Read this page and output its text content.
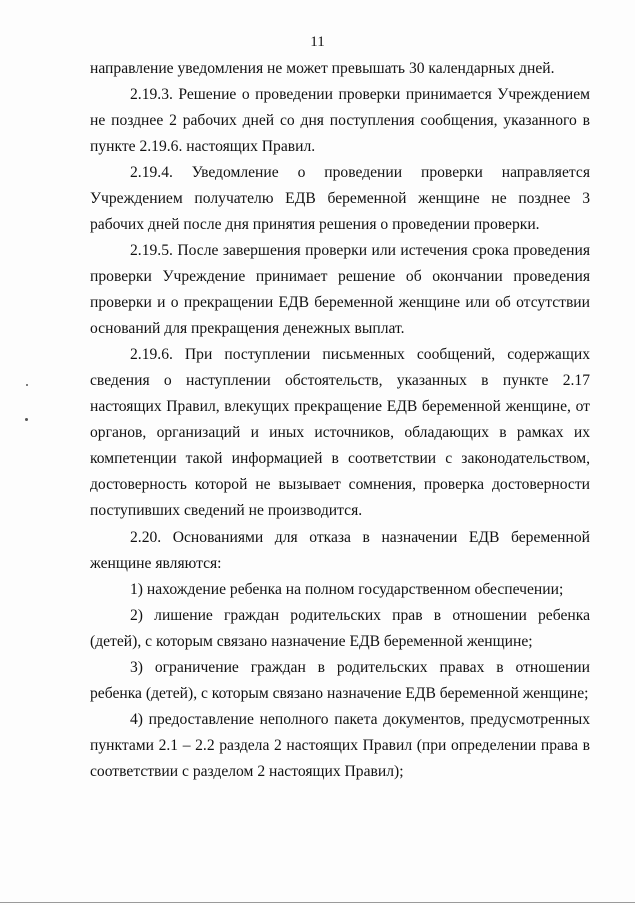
11

направление уведомления не может превышать 30 календарных дней.

2.19.3. Решение о проведении проверки принимается Учреждением не позднее 2 рабочих дней со дня поступления сообщения, указанного в пункте 2.19.6. настоящих Правил.

2.19.4. Уведомление о проведении проверки направляется Учреждением получателю ЕДВ беременной женщине не позднее 3 рабочих дней после дня принятия решения о проведении проверки.

2.19.5. После завершения проверки или истечения срока проведения проверки Учреждение принимает решение об окончании проведения проверки и о прекращении ЕДВ беременной женщине или об отсутствии оснований для прекращения денежных выплат.

2.19.6. При поступлении письменных сообщений, содержащих сведения о наступлении обстоятельств, указанных в пункте 2.17 настоящих Правил, влекущих прекращение ЕДВ беременной женщине, от органов, организаций и иных источников, обладающих в рамках их компетенции такой информацией в соответствии с законодательством, достоверность которой не вызывает сомнения, проверка достоверности поступивших сведений не производится.

2.20. Основаниями для отказа в назначении ЕДВ беременной женщине являются:

1) нахождение ребенка на полном государственном обеспечении;

2) лишение граждан родительских прав в отношении ребенка (детей), с которым связано назначение ЕДВ беременной женщине;

3) ограничение граждан в родительских правах в отношении ребенка (детей), с которым связано назначение ЕДВ беременной женщине;

4) предоставление неполного пакета документов, предусмотренных пунктами 2.1 – 2.2 раздела 2 настоящих Правил (при определении права в соответствии с разделом 2 настоящих Правил);
